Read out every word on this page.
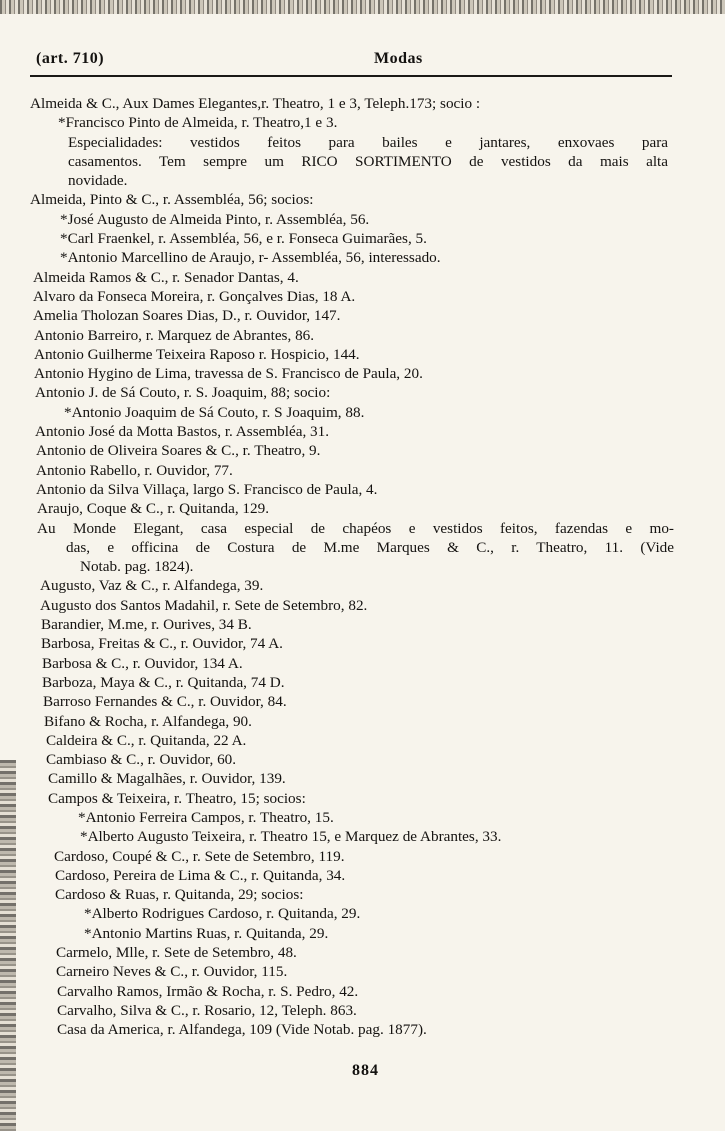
(art. 710)	Modas
Almeida & C., Aux Dames Elegantes,r. Theatro, 1 e 3, Teleph.173; socio :
*Francisco Pinto de Almeida, r. Theatro,1 e 3.
Especialidades: vestidos feitos para bailes e jantares, enxovaes para
casamentos. Tem sempre um RICO SORTIMENTO de vestidos da mais alta
novidade.
Almeida, Pinto & C., r. Assembléa, 56; socios:
*José Augusto de Almeida Pinto, r. Assembléa, 56.
*Carl Fraenkel, r. Assembléa, 56, e r. Fonseca Guimarães, 5.
*Antonio Marcellino de Araujo, r- Assembléa, 56, interessado.
Almeida Ramos & C., r. Senador Dantas, 4.
Alvaro da Fonseca Moreira, r. Gonçalves Dias, 18 A.
Amelia Tholozan Soares Dias, D., r. Ouvidor, 147.
Antonio Barreiro, r. Marquez de Abrantes, 86.
Antonio Guilherme Teixeira Raposo r. Hospicio, 144.
Antonio Hygino de Lima, travessa de S. Francisco de Paula, 20.
Antonio J. de Sá Couto, r. S. Joaquim, 88; socio:
*Antonio Joaquim de Sá Couto, r. S Joaquim, 88.
Antonio José da Motta Bastos, r. Assembléa, 31.
Antonio de Oliveira Soares & C., r. Theatro, 9.
Antonio Rabello, r. Ouvidor, 77.
Antonio da Silva Villaça, largo S. Francisco de Paula, 4.
Araujo, Coque & C., r. Quitanda, 129.
Au Monde Elegant, casa especial de chapéos e vestidos feitos, fazendas e mo-
das, e officina de Costura de M.me Marques & C., r. Theatro, 11. (Vide
Notab. pag. 1824).
Augusto, Vaz & C., r. Alfandega, 39.
Augusto dos Santos Madahil, r. Sete de Setembro, 82.
Barandier, M.me, r. Ourives, 34 B.
Barbosa, Freitas & C., r. Ouvidor, 74 A.
Barbosa & C., r. Ouvidor, 134 A.
Barboza, Maya & C., r. Quitanda, 74 D.
Barroso Fernandes & C., r. Ouvidor, 84.
Bifano & Rocha, r. Alfandega, 90.
Caldeira & C., r. Quitanda, 22 A.
Cambiaso & C., r. Ouvidor, 60.
Camillo & Magalhães, r. Ouvidor, 139.
Campos & Teixeira, r. Theatro, 15; socios:
*Antonio Ferreira Campos, r. Theatro, 15.
*Alberto Augusto Teixeira, r. Theatro 15, e Marquez de Abrantes, 33.
Cardoso, Coupé & C., r. Sete de Setembro, 119.
Cardoso, Pereira de Lima & C., r. Quitanda, 34.
Cardoso & Ruas, r. Quitanda, 29; socios:
*Alberto Rodrigues Cardoso, r. Quitanda, 29.
*Antonio Martins Ruas, r. Quitanda, 29.
Carmelo, Mlle, r. Sete de Setembro, 48.
Carneiro Neves & C., r. Ouvidor, 115.
Carvalho Ramos, Irmão & Rocha, r. S. Pedro, 42.
Carvalho, Silva & C., r. Rosario, 12, Teleph. 863.
Casa da America, r. Alfandega, 109 (Vide Notab. pag. 1877).
884
